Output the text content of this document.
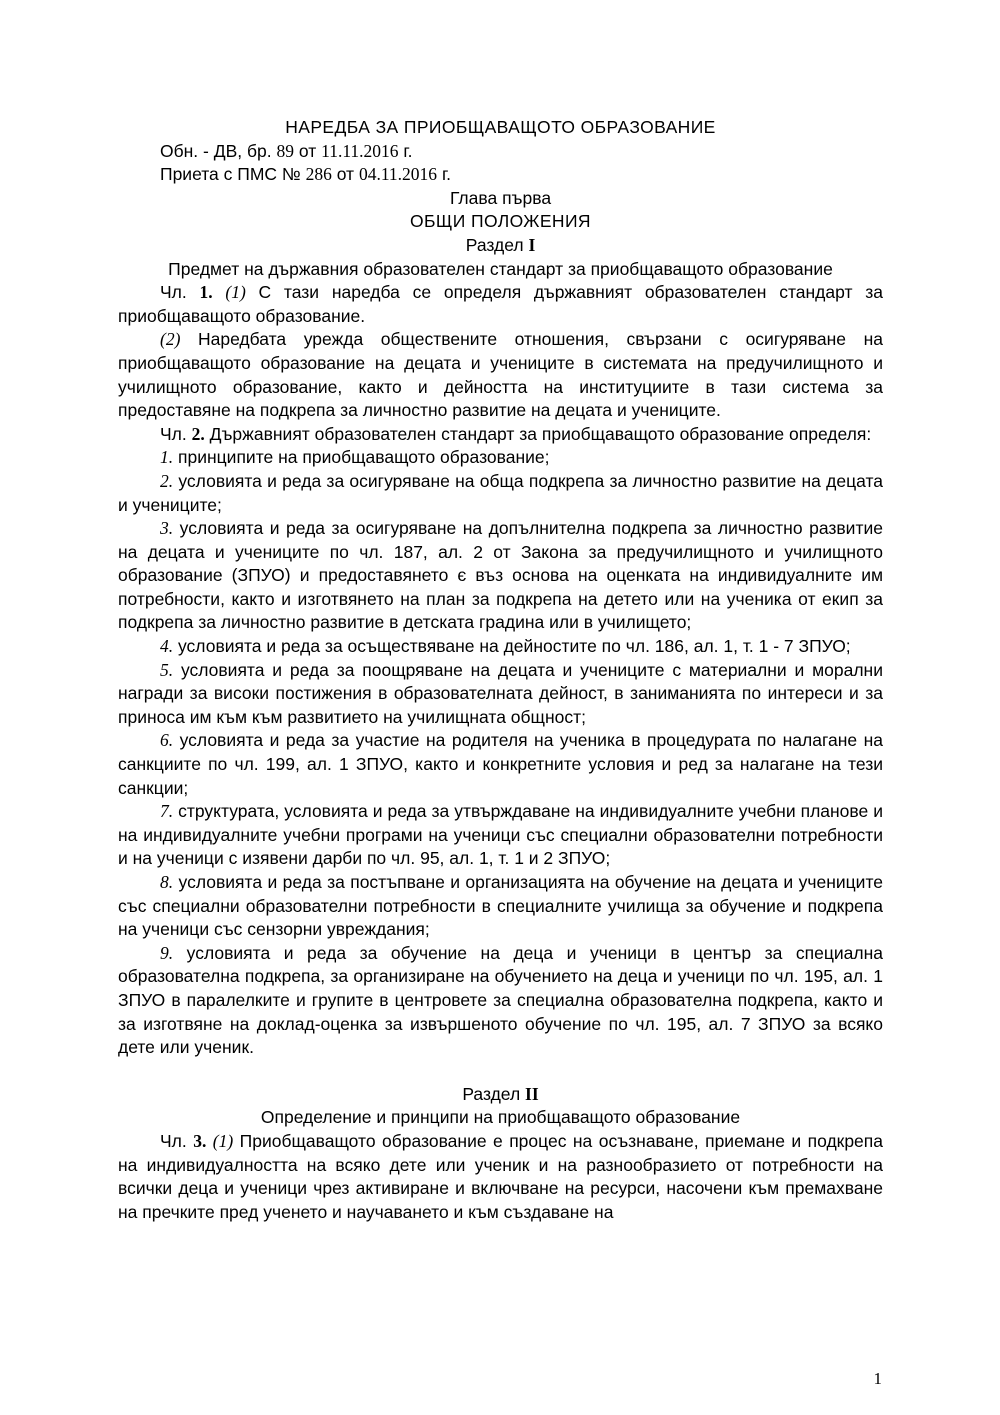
НАРЕДБА ЗА ПРИОБЩАВАЩОТО ОБРАЗОВАНИЕ
Обн. - ДВ, бр. 89 от 11.11.2016 г.
Приета с ПМС № 286 от 04.11.2016 г.
Глава първа
ОБЩИ ПОЛОЖЕНИЯ
Раздел I
Предмет на държавния образователен стандарт за приобщаващото образование
Чл. 1. (1) С тази наредба се определя държавният образователен стандарт за приобщаващото образование.
(2) Наредбата урежда обществените отношения, свързани с осигуряване на приобщаващото образование на децата и учениците в системата на предучилищното и училищното образование, както и дейността на институциите в тази система за предоставяне на подкрепа за личностно развитие на децата и учениците.
Чл. 2. Държавният образователен стандарт за приобщаващото образование определя:
1. принципите на приобщаващото образование;
2. условията и реда за осигуряване на обща подкрепа за личностно развитие на децата и учениците;
3. условията и реда за осигуряване на допълнителна подкрепа за личностно развитие на децата и учениците по чл. 187, ал. 2 от Закона за предучилищното и училищното образование (ЗПУО) и предоставянето є въз основа на оценката на индивидуалните им потребности, както и изготвянето на план за подкрепа на детето или на ученика от екип за подкрепа за личностно развитие в детската градина или в училището;
4. условията и реда за осъществяване на дейностите по чл. 186, ал. 1, т. 1 - 7 ЗПУО;
5. условията и реда за поощряване на децата и учениците с материални и морални награди за високи постижения в образователната дейност, в заниманията по интереси и за приноса им към към развитието на училищната общност;
6. условията и реда за участие на родителя на ученика в процедурата по налагане на санкциите по чл. 199, ал. 1 ЗПУО, както и конкретните условия и ред за налагане на тези санкции;
7. структурата, условията и реда за утвърждаване на индивидуалните учебни планове и на индивидуалните учебни програми на ученици със специални образователни потребности и на ученици с изявени дарби по чл. 95, ал. 1, т. 1 и 2 ЗПУО;
8. условията и реда за постъпване и организацията на обучение на децата и учениците със специални образователни потребности в специалните училища за обучение и подкрепа на ученици със сензорни увреждания;
9. условията и реда за обучение на деца и ученици в център за специална образователна подкрепа, за организиране на обучението на деца и ученици по чл. 195, ал. 1 ЗПУО в паралелките и групите в центровете за специална образователна подкрепа, както и за изготвяне на доклад-оценка за извършеното обучение по чл. 195, ал. 7 ЗПУО за всяко дете или ученик.
Раздел II
Определение и принципи на приобщаващото образование
Чл. 3. (1) Приобщаващото образование е процес на осъзнаване, приемане и подкрепа на индивидуалността на всяко дете или ученик и на разнообразието от потребности на всички деца и ученици чрез активиране и включване на ресурси, насочени към премахване на пречките пред ученето и научаването и към създаване на
1
